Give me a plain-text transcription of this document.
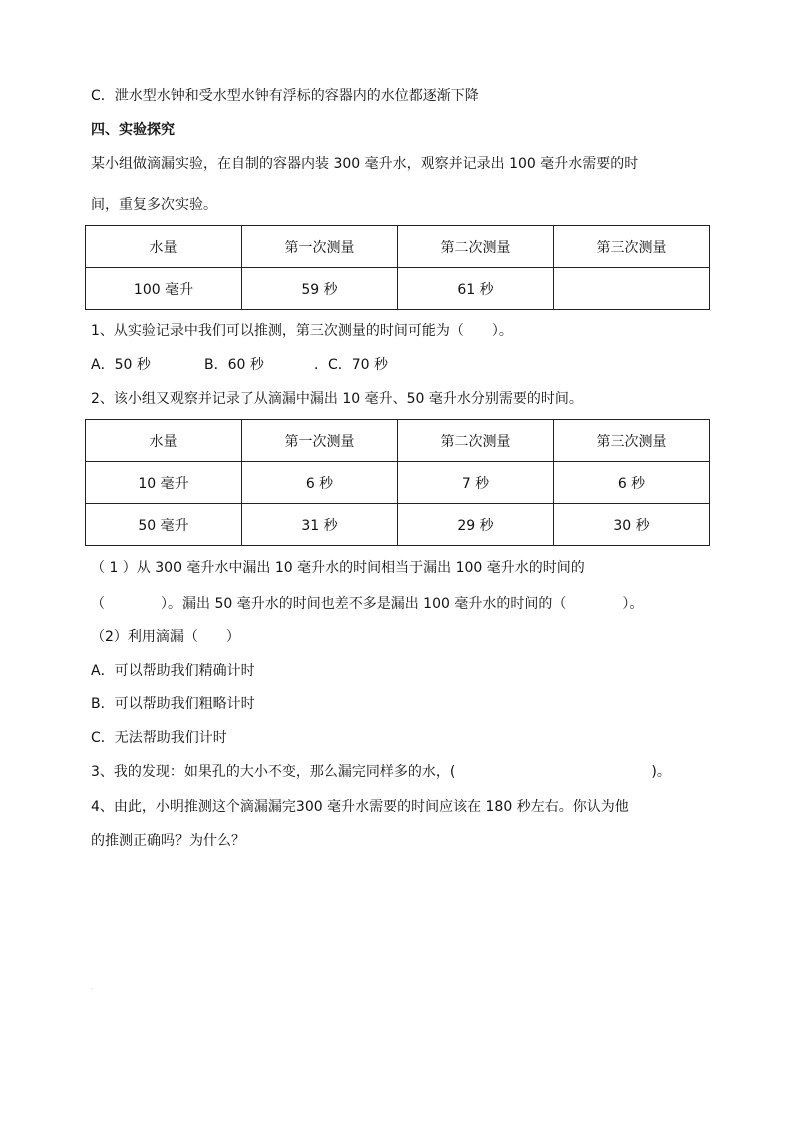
C．泄水型水钟和受水型水钟有浮标的容器内的水位都逐渐下降
四、实验探究
某小组做滴漏实验，在自制的容器内装 300 毫升水，观察并记录出 100 毫升水需要的时
间，重复多次实验。
水量	第一次测量	第二次测量	第三次测量
100 毫升	59 秒	61 秒	
1、从实验记录中我们可以推测，第三次测量的时间可能为（　　）。
A．50 秒	B．60 秒	．C．70 秒
2、该小组又观察并记录了从滴漏中漏出 10 毫升、50 毫升水分别需要的时间。
水量	第一次测量	第二次测量	第三次测量
10 毫升	6 秒	7 秒	6 秒
50 毫升	31 秒	29 秒	30 秒
（ 1 ）从 300 毫升水中漏出 10 毫升水的时间相当于漏出 100 毫升水的时间的
（　　　　）。漏出 50 毫升水的时间也差不多是漏出 100 毫升水的时间的（　　　　）。
（2）利用滴漏（　　）
A．可以帮助我们精确计时
B．可以帮助我们粗略计时
C．无法帮助我们计时
3、我的发现：如果孔的大小不变，那么漏完同样多的水，(　　　　　　　　　　　　　　)。
4、由此，小明推测这个滴漏漏完300 毫升水需要的时间应该在 180 秒左右。你认为他
的推测正确吗？为什么？
.
